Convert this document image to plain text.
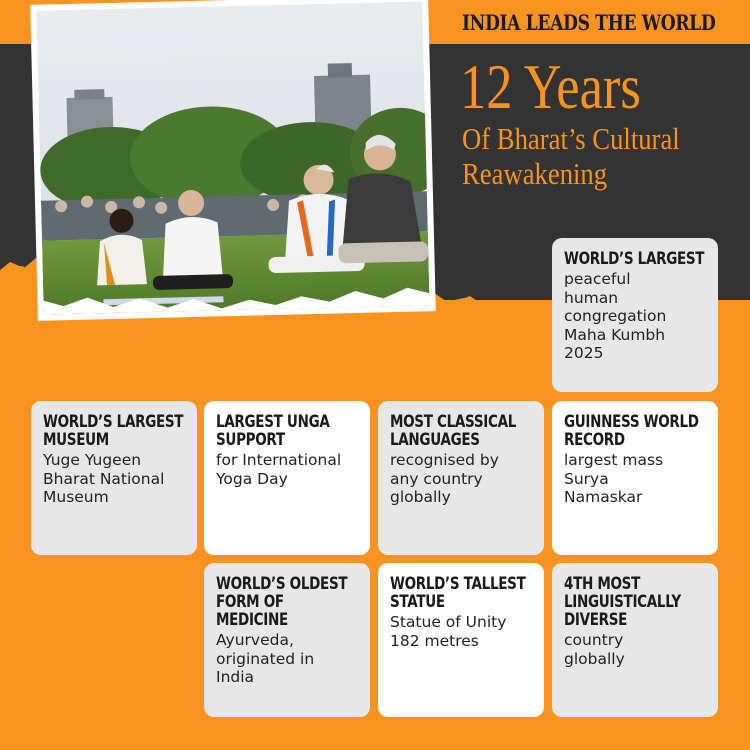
INDIA LEADS THE WORLD
12 Years
Of Bharat’s Cultural
Reawakening
WORLD’S LARGEST
peaceful
human
congregation
Maha Kumbh
2025
WORLD’S LARGEST
MUSEUM
Yuge Yugeen
Bharat National
Museum
LARGEST UNGA
SUPPORT
for International
Yoga Day
MOST CLASSICAL
LANGUAGES
recognised by
any country
globally
GUINNESS WORLD
RECORD
largest mass
Surya
Namaskar
WORLD’S OLDEST
FORM OF MEDICINE
Ayurveda,
originated in
India
WORLD’S TALLEST
STATUE
Statue of Unity
182 metres
4TH MOST
LINGUISTICALLY
DIVERSE
country
globally
